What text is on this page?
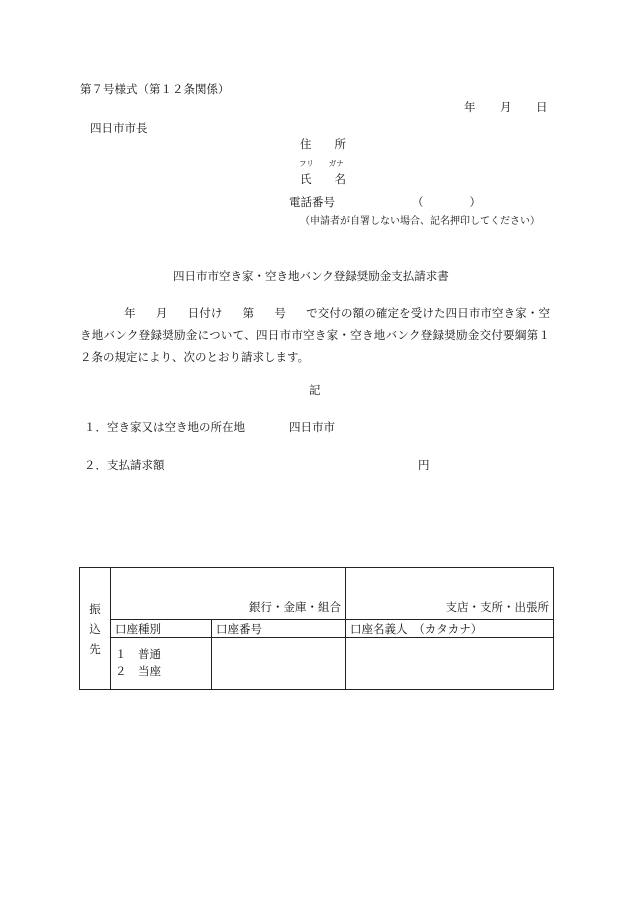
第７号様式（第１２条関係）
年 月 日
四日市市長
住　　所
フリ　　ガナ
氏　　名
電話番号	（　　　　）
（申請者が自署しない場合、記名押印してください）
四日市市空き家・空き地バンク登録奨励金支払請求書
年 月 日付け 第 号 で交付の額の確定を受けた四日市市空き家・空き地バンク登録奨励金について、四日市市空き家・空き地バンク登録奨励金交付要綱第１２条の規定により、次のとおり請求します。
記
１．空き家又は空き地の所在地	四日市市
２．支払請求額	円
振
込
先	銀行・金庫・組合		支店・支所・出張所
	口座種別	口座番号	口座名義人　（カタカナ）

	１　普通
２　当座		
